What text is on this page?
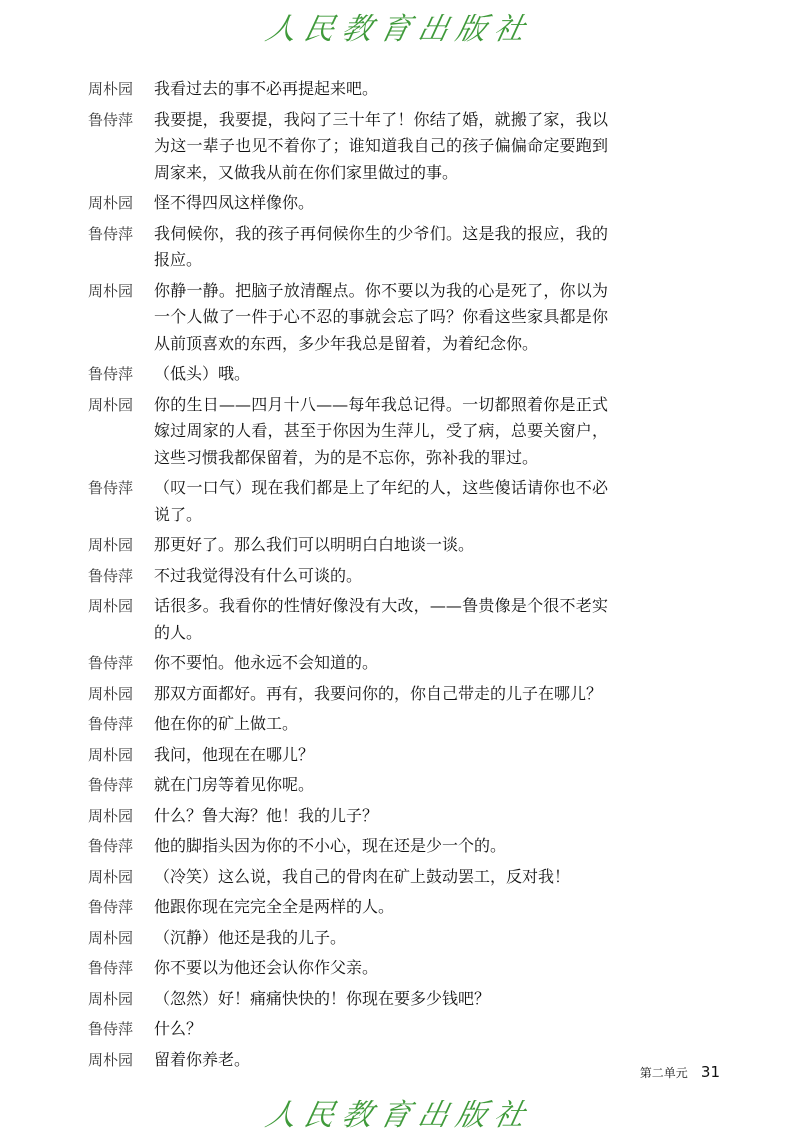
人民教育出版社
周朴园	我看过去的事不必再提起来吧。
鲁侍萍	我要提，我要提，我闷了三十年了！你结了婚，就搬了家，我以为这一辈子也见不着你了；谁知道我自己的孩子偏偏命定要跑到周家来，又做我从前在你们家里做过的事。
周朴园	怪不得四凤这样像你。
鲁侍萍	我伺候你，我的孩子再伺候你生的少爷们。这是我的报应，我的报应。
周朴园	你静一静。把脑子放清醒点。你不要以为我的心是死了，你以为一个人做了一件于心不忍的事就会忘了吗？你看这些家具都是你从前顶喜欢的东西，多少年我总是留着，为着纪念你。
鲁侍萍	（低头）哦。
周朴园	你的生日——四月十八——每年我总记得。一切都照着你是正式嫁过周家的人看，甚至于你因为生萍儿，受了病，总要关窗户，这些习惯我都保留着，为的是不忘你，弥补我的罪过。
鲁侍萍	（叹一口气）现在我们都是上了年纪的人，这些傻话请你也不必说了。
周朴园	那更好了。那么我们可以明明白白地谈一谈。
鲁侍萍	不过我觉得没有什么可谈的。
周朴园	话很多。我看你的性情好像没有大改，——鲁贵像是个很不老实的人。
鲁侍萍	你不要怕。他永远不会知道的。
周朴园	那双方面都好。再有，我要问你的，你自己带走的儿子在哪儿？
鲁侍萍	他在你的矿上做工。
周朴园	我问，他现在在哪儿？
鲁侍萍	就在门房等着见你呢。
周朴园	什么？鲁大海？他！我的儿子？
鲁侍萍	他的脚指头因为你的不小心，现在还是少一个的。
周朴园	（冷笑）这么说，我自己的骨肉在矿上鼓动罢工，反对我！
鲁侍萍	他跟你现在完完全全是两样的人。
周朴园	（沉静）他还是我的儿子。
鲁侍萍	你不要以为他还会认你作父亲。
周朴园	（忽然）好！痛痛快快的！你现在要多少钱吧？
鲁侍萍	什么？
周朴园	留着你养老。
第二单元 31
人民教育出版社
